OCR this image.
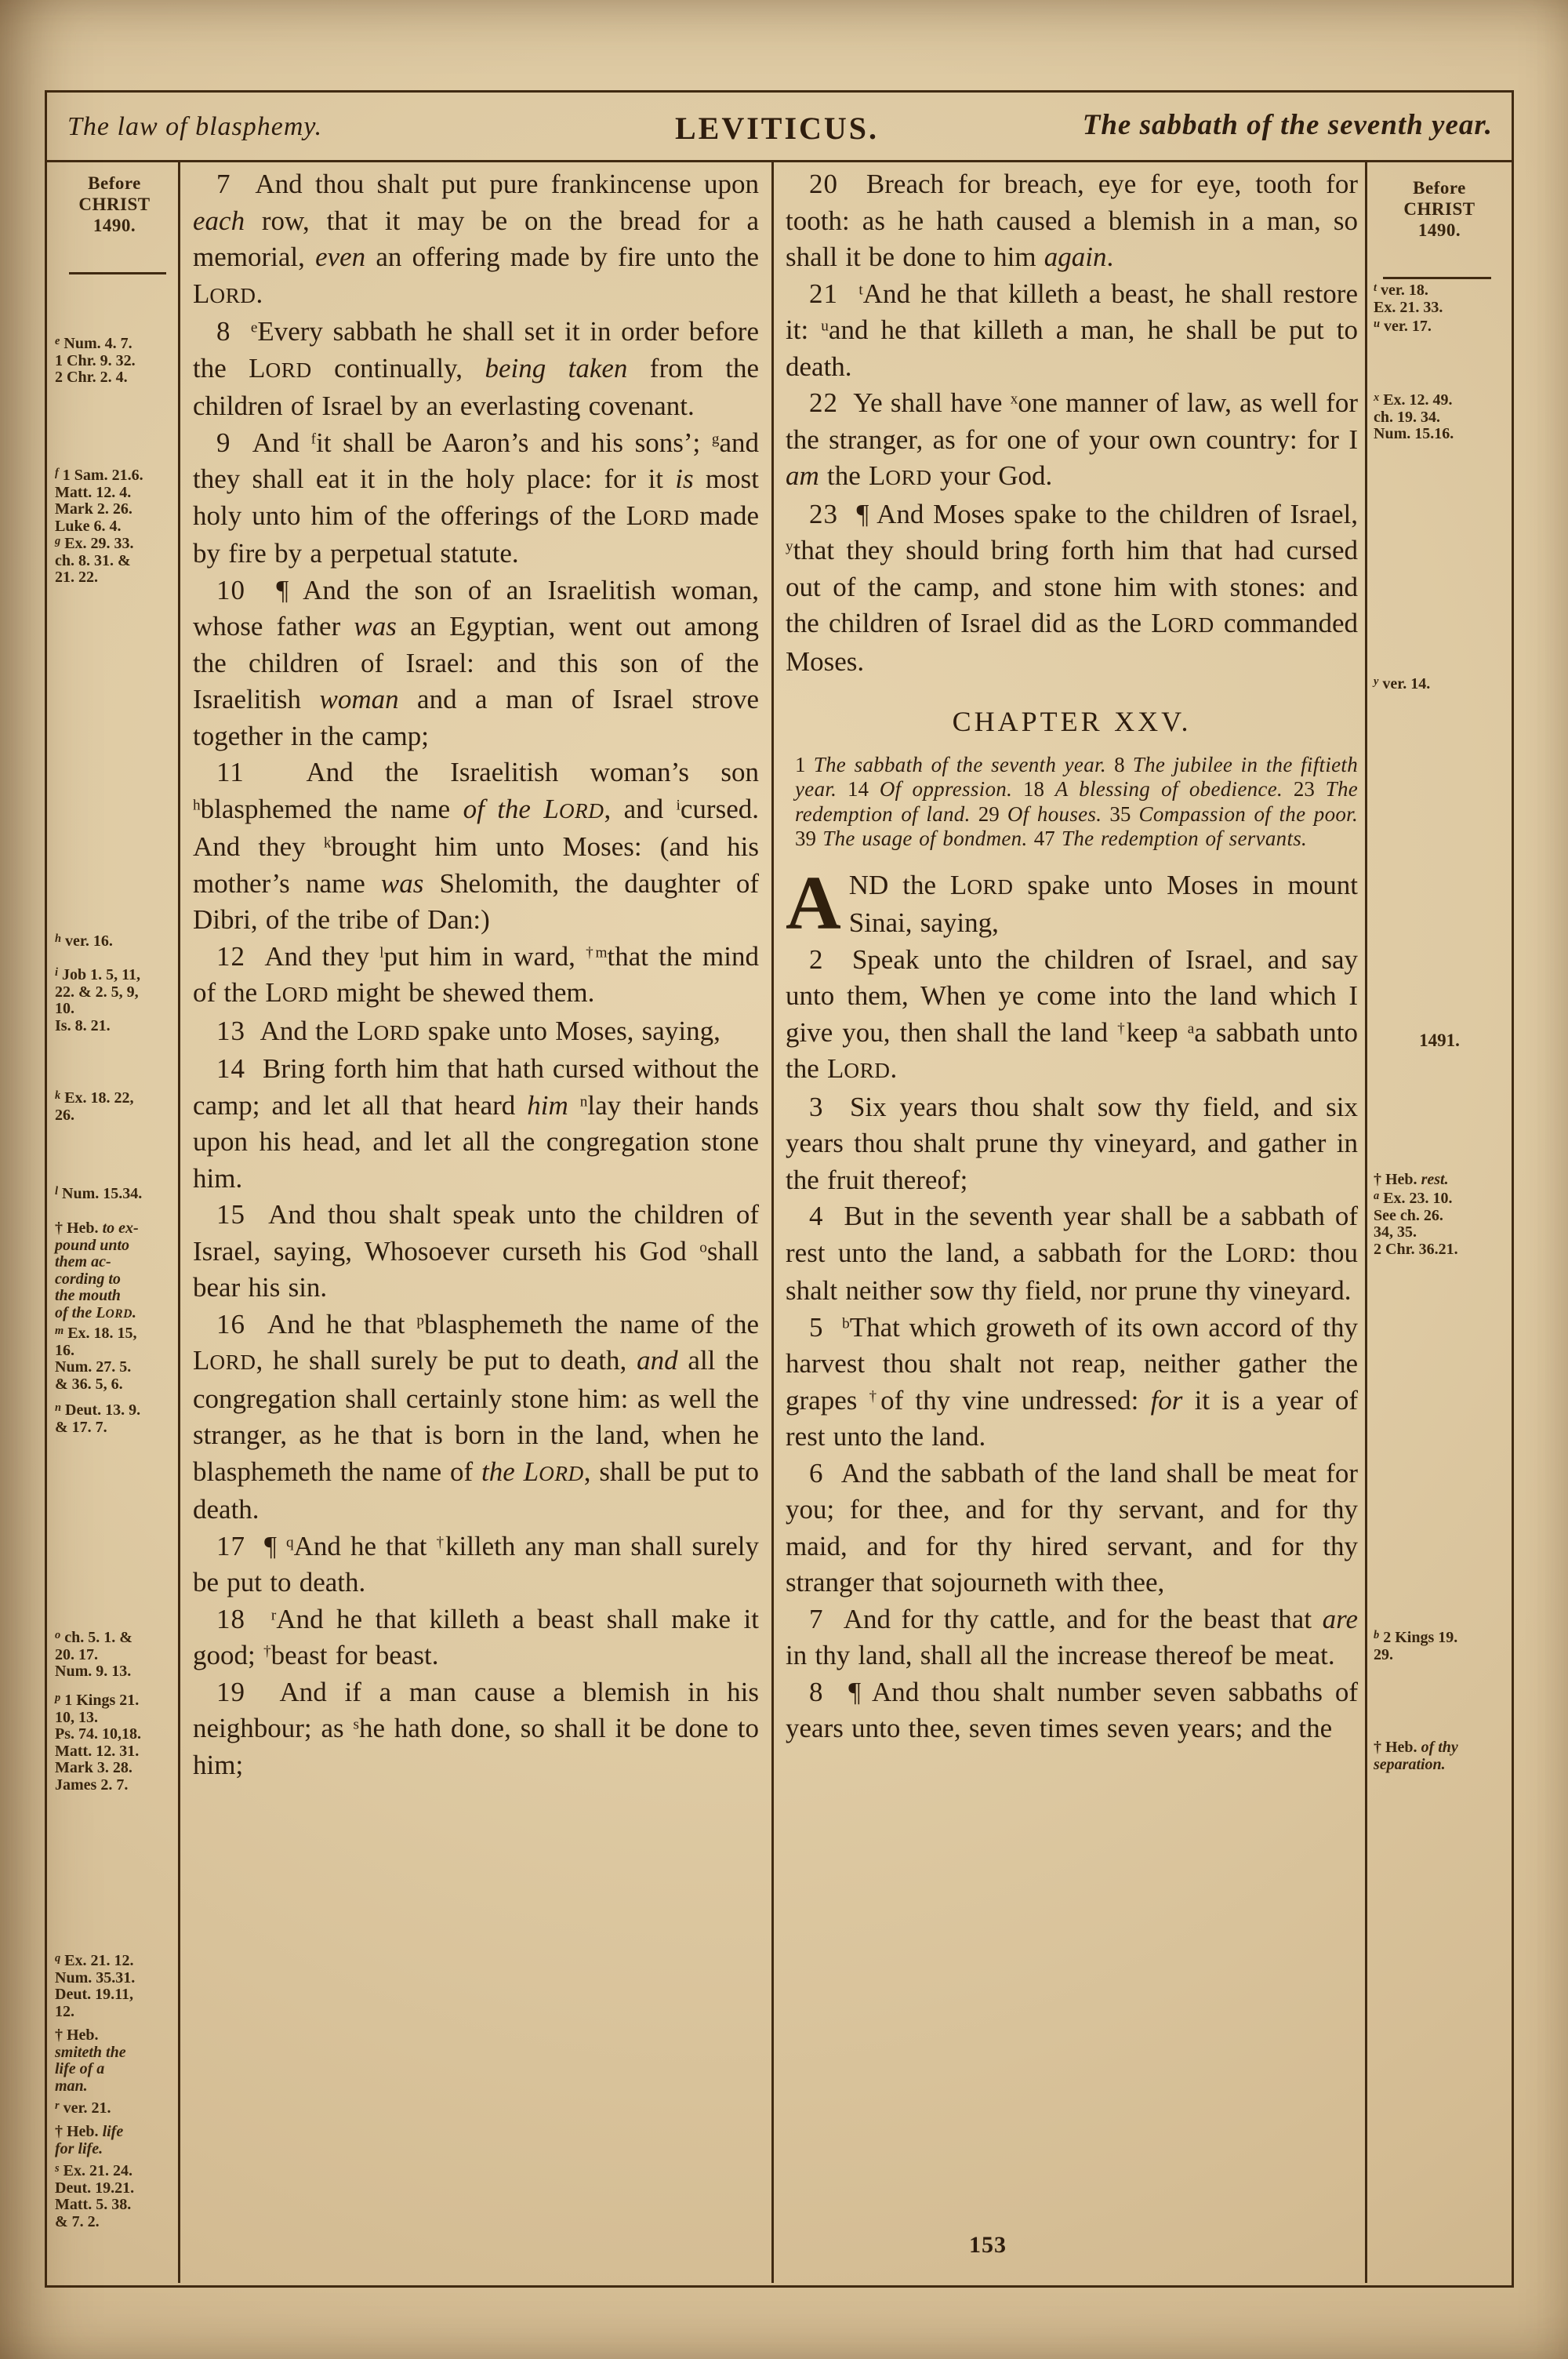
The law of blasphemy.	LEVITICUS.	The sabbath of the seventh year.
Before
CHRIST
1490.
$^e$ Num. 4. 7.
1 Chr. 9. 32.
2 Chr. 2. 4.
$^f$ 1 Sam. 21.6.
Matt. 12. 4.
Mark 2. 26.
Luke 6. 4.
$^g$ Ex. 29. 33.
ch. 8. 31. &
21. 22.
$^h$ ver. 16.
$^i$ Job 1. 5, 11,
22. & 2. 5, 9,
10.
Is. 8. 21.
$^k$ Ex. 18. 22,
26.
$^l$ Num. 15.34.
† Heb. to ex-
pound unto
them ac-
cording to
the mouth
of the LORD.
$^m$ Ex. 18. 15,
16.
Num. 27. 5.
& 36. 5, 6.
$^n$ Deut. 13. 9.
& 17. 7.
$^o$ ch. 5. 1. &
20. 17.
Num. 9. 13.
$^p$ 1 Kings 21.
10, 13.
Ps. 74. 10,18.
Matt. 12. 31.
Mark 3. 28.
James 2. 7.
$^q$ Ex. 21. 12.
Num. 35.31.
Deut. 19.11,
12.
† Heb.
smiteth the
life of a
man.
$^r$ ver. 21.
† Heb. life
for life.
$^s$ Ex. 21. 24.
Deut. 19.21.
Matt. 5. 38.
& 7. 2.

7  And thou shalt put pure frankincense upon each row, that it may be on the bread for a memorial, even an offering made by fire unto the LORD.

8 $^e$Every sabbath he shall set it in order before the LORD continually, being taken from the children of Israel by an everlasting covenant.

9  And $^f$it shall be Aaron’s and his sons’; $^g$and they shall eat it in the holy place: for it is most holy unto him of the offerings of the LORD made by fire by a perpetual statute.

10  ¶ And the son of an Israelitish woman, whose father was an Egyptian, went out among the children of Israel: and this son of the Israelitish woman and a man of Israel strove together in the camp;

11  And the Israelitish woman’s son $^h$blasphemed the name of the LORD, and $^i$cursed. And they $^k$brought him unto Moses: (and his mother’s name was Shelomith, the daughter of Dibri, of the tribe of Dan:)

12  And they $^l$put him in ward, $^{\dagger m}$that the mind of the LORD might be shewed them.

13  And the LORD spake unto Moses, saying,

14  Bring forth him that hath cursed without the camp; and let all that heard him $^n$lay their hands upon his head, and let all the congregation stone him.

15  And thou shalt speak unto the children of Israel, saying, Whosoever curseth his God $^o$shall bear his sin.

16  And he that $^p$blasphemeth the name of the LORD, he shall surely be put to death, and all the congregation shall certainly stone him: as well the stranger, as he that is born in the land, when he blasphemeth the name of the LORD, shall be put to death.

17  ¶ $^q$And he that †killeth any man shall surely be put to death.

18 $^r$And he that killeth a beast shall make it good; †beast for beast.

19  And if a man cause a blemish in his neighbour; as $^s$he hath done, so shall it be done to him;

20  Breach for breach, eye for eye, tooth for tooth: as he hath caused a blemish in a man, so shall it be done to him again.

21 $^t$And he that killeth a beast, he shall restore it: $^u$and he that killeth a man, he shall be put to death.

22  Ye shall have $^x$one manner of law, as well for the stranger, as for one of your own country: for I am the LORD your God.

23  ¶ And Moses spake to the children of Israel, $^y$that they should bring forth him that had cursed out of the camp, and stone him with stones: and the children of Israel did as the LORD commanded Moses.

CHAPTER XXV.
1 The sabbath of the seventh year. 8 The jubilee in the fiftieth year. 14 Of oppression. 18 A blessing of obedience. 23 The redemption of land. 29 Of houses. 35 Compassion of the poor. 39 The usage of bondmen. 47 The redemption of servants.

AND the LORD spake unto Moses in mount Sinai, saying,

2  Speak unto the children of Israel, and say unto them, When ye come into the land which I give you, then shall the land †keep $^a$a sabbath unto the LORD.

3  Six years thou shalt sow thy field, and six years thou shalt prune thy vineyard, and gather in the fruit thereof;

4  But in the seventh year shall be a sabbath of rest unto the land, a sabbath for the LORD: thou shalt neither sow thy field, nor prune thy vineyard.

5 $^b$That which groweth of its own accord of thy harvest thou shalt not reap, neither gather the grapes †of thy vine undressed: for it is a year of rest unto the land.

6  And the sabbath of the land shall be meat for you; for thee, and for thy servant, and for thy maid, and for thy hired servant, and for thy stranger that sojourneth with thee,

7  And for thy cattle, and for the beast that are in thy land, shall all the increase thereof be meat.

8  ¶ And thou shalt number seven sabbaths of years unto thee, seven times seven years; and the

Before
CHRIST
1490.
$^t$ ver. 18.
Ex. 21. 33.
$^u$ ver. 17.
$^x$ Ex. 12. 49.
ch. 19. 34.
Num. 15.16.
$^y$ ver. 14.
1491.
† Heb. rest.
$^a$ Ex. 23. 10.
See ch. 26.
34, 35.
2 Chr. 36.21.
$^b$ 2 Kings 19.
29.
† Heb. of thy
separation.
153
